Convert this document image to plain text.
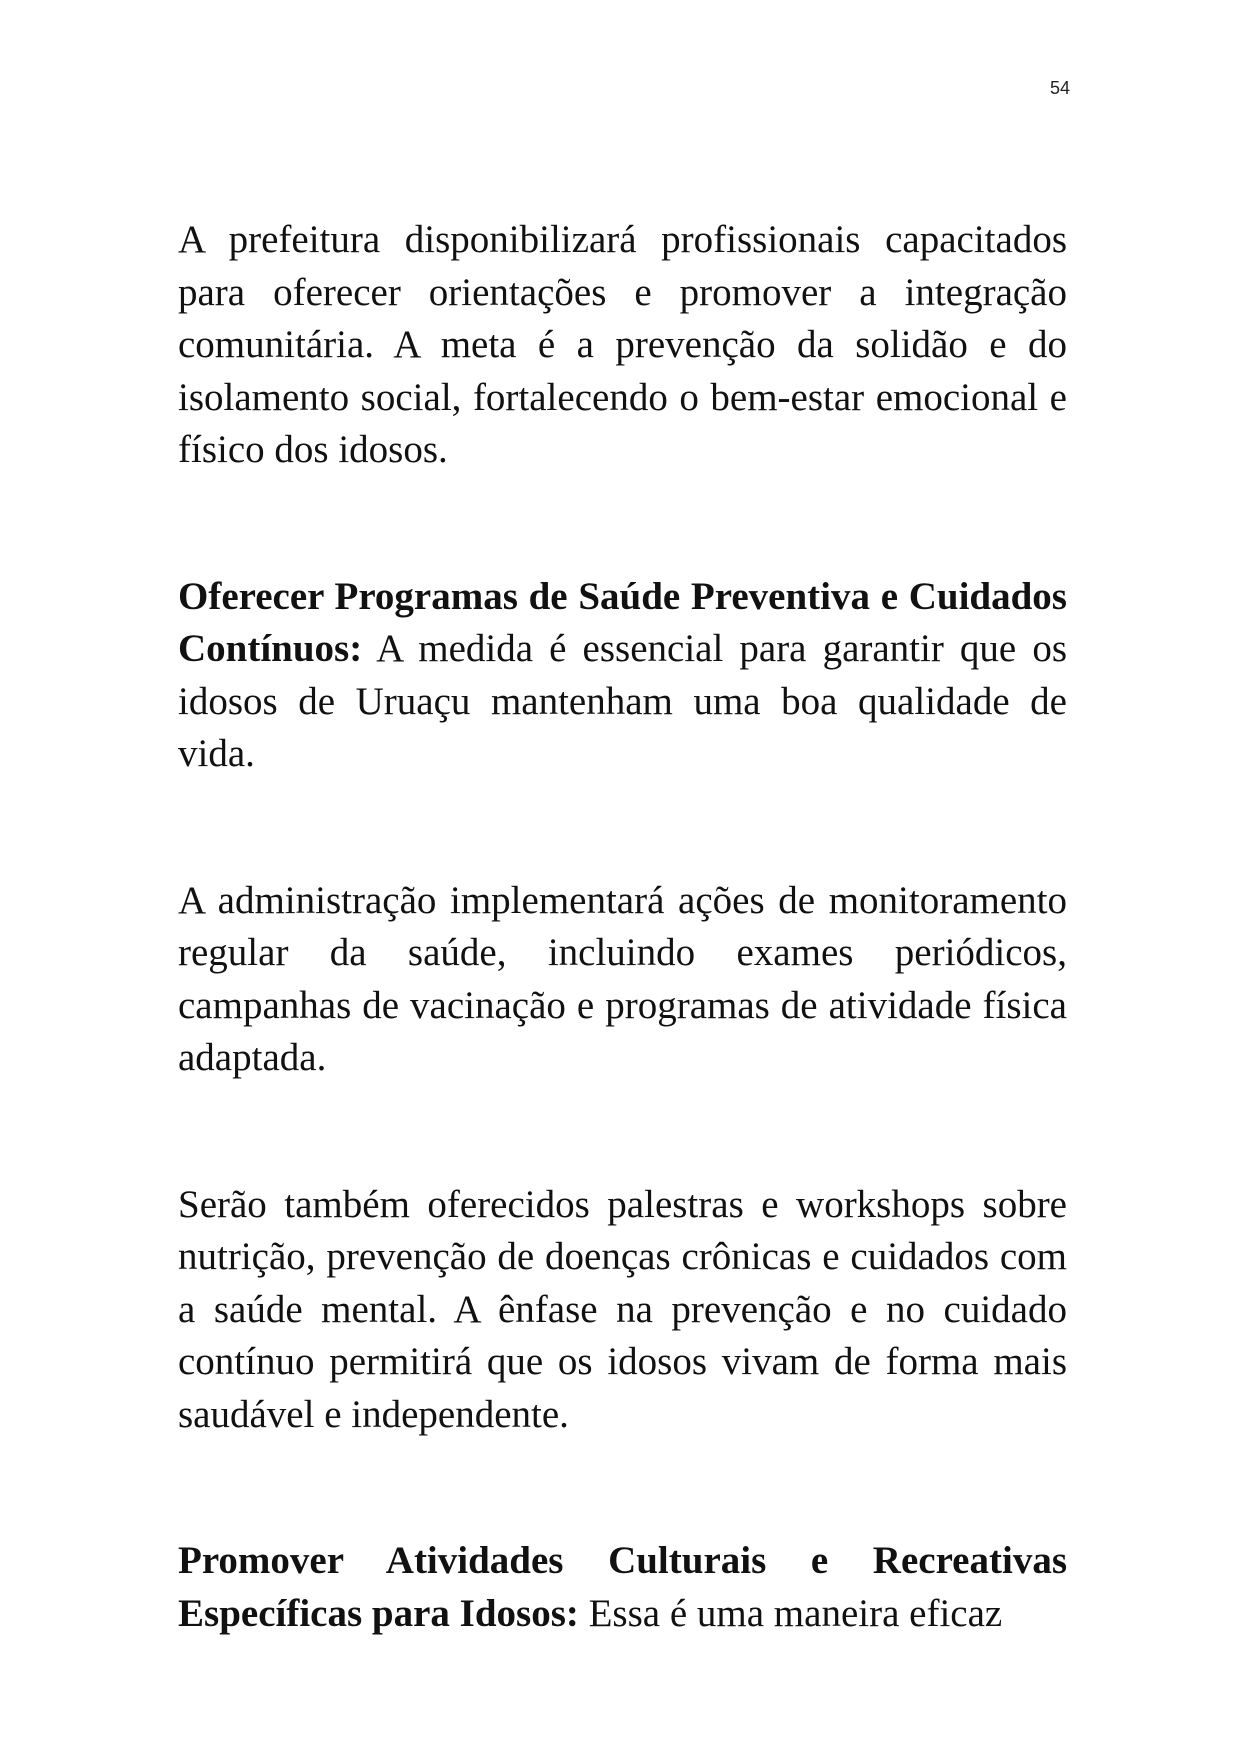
54

A prefeitura disponibilizará profissionais capacitados para oferecer orientações e promover a integração comunitária. A meta é a prevenção da solidão e do isolamento social, fortalecendo o bem-estar emocional e físico dos idosos.

Oferecer Programas de Saúde Preventiva e Cuidados Contínuos: A medida é essencial para garantir que os idosos de Uruaçu mantenham uma boa qualidade de vida.

A administração implementará ações de monitoramento regular da saúde, incluindo exames periódicos, campanhas de vacinação e programas de atividade física adaptada.

Serão também oferecidos palestras e workshops sobre nutrição, prevenção de doenças crônicas e cuidados com a saúde mental. A ênfase na prevenção e no cuidado contínuo permitirá que os idosos vivam de forma mais saudável e independente.

Promover Atividades Culturais e Recreativas Específicas para Idosos: Essa é uma maneira eficaz
